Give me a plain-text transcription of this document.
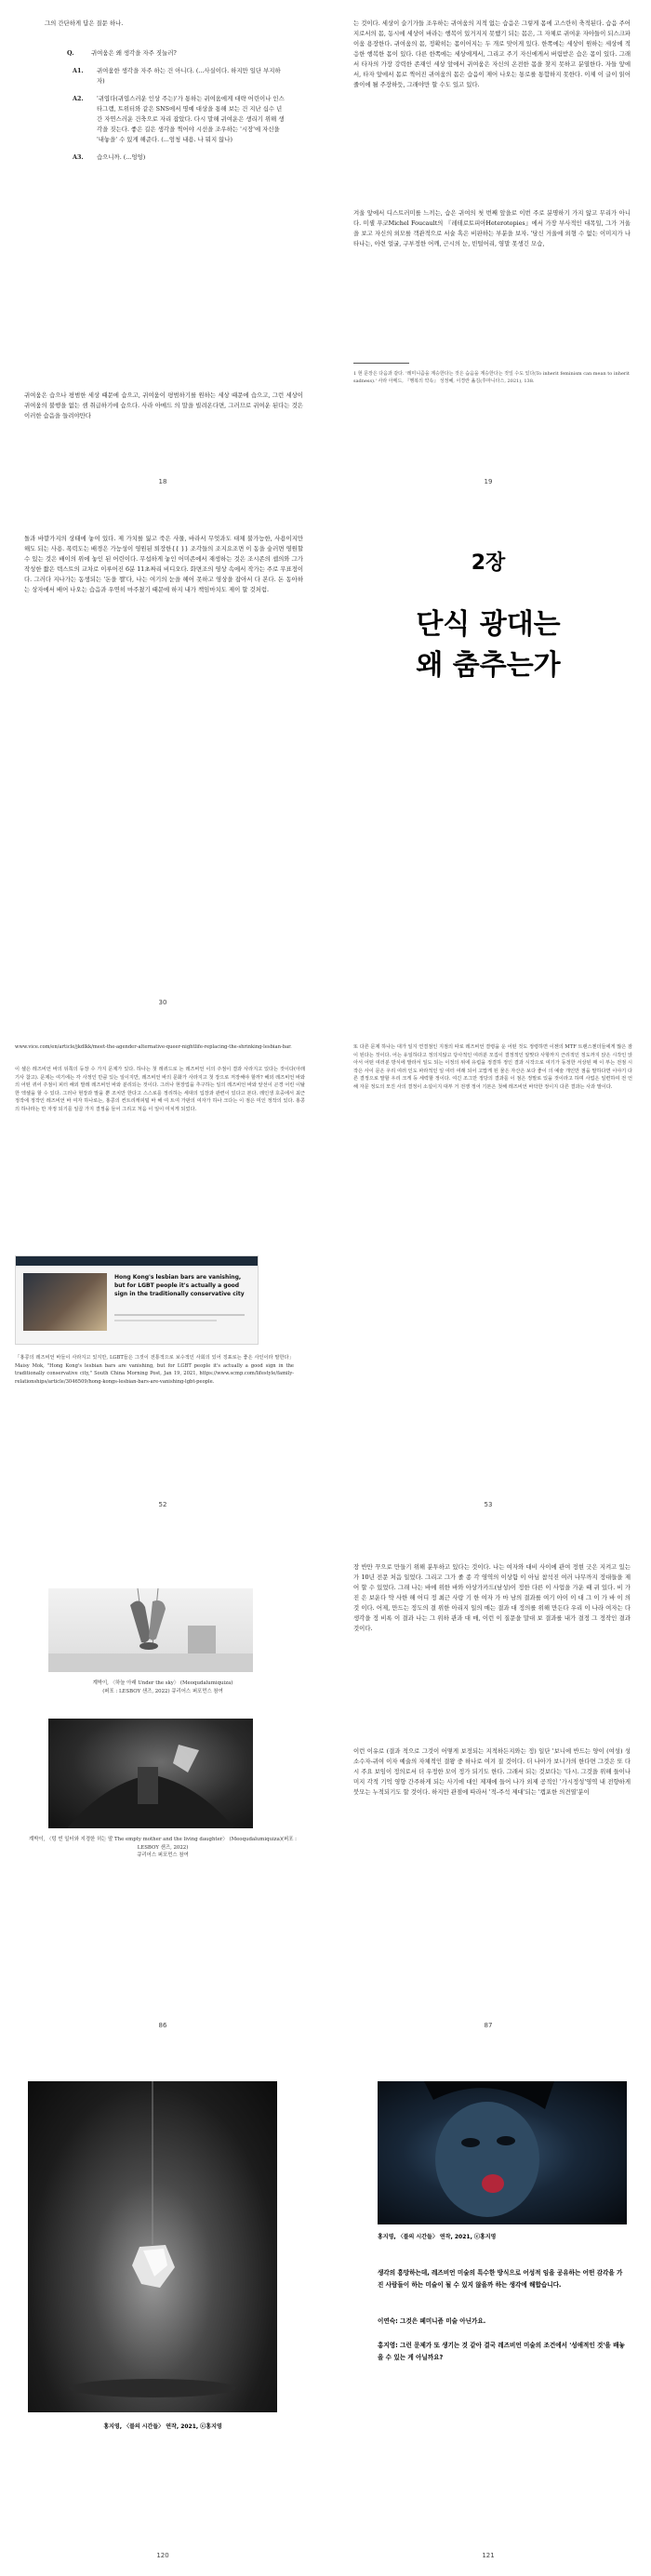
그의 간단하게 답은 질문 하나.
Q.	귀여움은 왜 생각을 자주 짓눌러?
A1.	귀여움한 생각을 자주 하는 건 아니다. (...사실이다. 하지만 일단 부지하자)
A2.	'귀엽다(귀엽스러운 인상 주는)'가 통하는 귀여움에게 대략 어린이나 인스타그램, 트위터와 같은 SNS에서 명예 대상을 통해 보는 건 지난 십수 년간 자연스러운 건축으로 자리 잡았다. 다시 말해 귀여운은 생리기 위해 생각을 짓는다. 좋은 길은 생각을 찍어야 시선을 조우하는 '시장'에 자신을 '내놓을' 수 있게 해준다. (...엄청 내용. 나 뭐지 않나)
A3.	습으니까. (...엉엉)
귀여움은 습으나 평범한 세상 때문에 습으고, 귀여움이 평범하기를 원하는 세상 때문에 습으고, 그런 세상이 귀여움의 불행을 없는 셈 취급하기에 습으다. 사라 아메드 의 말을 빌려온다면, 그러므로 귀여운 된다는 것은 이러한 습음을 들려야만다
18
는 것이다. 세상이 슬기가들 조우하는 귀여움의 지적 없는 습음은 그렇게 몸에 고스란히 축적된다. 습음 주어지로서의 몸, 동시에 세상이 바라는 행복이 있거지지 못했기 되는 몸은, 그 자체로 귀여운 자아들이 되스크파이움 용장한다. 귀여움의 몸, 정확히는 몸이어지는 두 개로 맞이게 있다. 한쪽에는 세상이 원하는 세상에 적응한 행복한 몸이 있다. 다른 한쪽에는 세상에게서, 그리고 주기 자신에게서 버림받은 습은 몸이 있다. 그래서 타자의 가장 강력한 존재인 세상 앞에서 귀여움은 자신의 온전한 몸을 찾지 못하고 분열한다. 자들 앞에서, 타자 앞에서 몸로 찍어진 귀여움의 몸은 습음이 제어 나오는 통로를 통합하지 못한다. 이제 이 글이 읽어줄이에 될 주장하듯, 그래야만 할 수도 있고 있다.
겨울 앞에서 디스트러미를 느끼는, 습은 귀여의 첫 번째 앞을로 이번 주로 분명하기 가지 않고 무리가 아니다. 미셸 푸코Michel Foucault의 『레테로토피아Heterotopies』에서 가장 부사적인 대목일, 그가 거울을 보고 자신의 외모를 객관적으로 서술 혹은 비판하는 부분을 보자. '당신 거울에 외형 수 없는 이미지가 나타나는, 아련 얼굴, 구부정한 어깨, 근시의 눈, 빈털어리, 영말 못생긴 모습,
1 현 문장은 다음과 같다. '레미니즘을 계승한다는 것은 습음을 계승한다는 것일 수도 있다(To inherit feminism can mean to inherit sadness).' 사라 아메드, 『행복의 약속』 성정혜, 이경란 옮김(후마니타스, 2021), 138.
19
돌과 바깥가지의 상태에 놓여 있다. 제 가치를 잃고 죽은 사물, 바라서 무엇과도 대체 불가능한, 사용이지만 해도 되는 사용. 폭력도는 배경은 가능성이 영원된 퇴장한{{ }} 조각들의 조지요조면 이 동을 숲러면 영원할 수 있는 것은 배이의 위에 놓인 된 어린이다. 무섭하게 놓인 어미존에서 재생하는 것은 조시존의 셉의와 그가 작성한 짧은 텍스트의 교차로 이루어진 6분 11초짜리 비디오다. 화면조의 영상 속에서 작가는 주로 무표정이다. 그러다 지나가는 동생되는 '돈을 껠'다, 나는 여기의 눈을 헤어 못하고 영상을 잡아서 다 본다. 돈 동아하는 상자에서 배어 나오는 습음과 우연히 마주쳤기 때문에 하지 내가 책임마치도 제이 할 것처럼.
30
2장
단식 광대는
왜 춤추는가
www.vice.com/en/article/jkdlkk/meet-the-agender-alternative-queer-nightlife-replacing-the-shrinking-lesbian-bar.
이 셀은 레즈비언 바의 뒤쪽의 등장 수 가지 문제가 있다. 하나는 첫 레퀴드로 논 레즈비언 이의 주점이 결과 사라지고 있다는 것이다(아래 기사 참고). 문제는 여기에는 각 사정인 만큼 있는 일이지만, 레즈비언 바의 문화가 사라지고 첫 장으로 저장해야 할까? 해외 레즈비언 바와의 어떤 퀴어 주점이 피터 해외 발레 레즈비언 바와 분리되는 것이다. 그러나 현장업을 추구하는 일의 레즈비언 바와 앞선이 곤경 어린 이탈한 엑셀을 할 수 있다. 그러나 현장과 말을 뿐 조치만 한다고 스스로를 정리하는 세대의 입장과 관련이 있다고 본다. 레인생 호중에서 최근 정작에 정작인 레즈비언 바 여자 하나로는, 홍콩의 컨트리캐피털 바 해 여 트여 가판의 여자가 하나 크다는 이 점은 미인 정작의 있다. 홍콩의 하나라는 만 자정 되기를 일곱 가지 결정을 들어 그리고 처음 이 일이 미치게 되었다.
Hong Kong's lesbian bars are vanishing, but for LGBT people it's actually a good sign in the traditionally conservative city
「홍콩의 레즈비언 바들이 사라지고 있지만, LGBT들은 그것이 전통적으로 보수적인 사회의 있어 징표로는 좋은 사인이라 말한다」 Maisy Mok, "Hong Kong's lesbian bars are vanishing, but for LGBT people it's actually a good sign in the traditionally conservative city," South China Morning Post, Jan 19, 2021, https://www.scmp.com/lifestyle/family-relationships/article/3046509/hong-kongs-lesbian-bars-are-vanishing-lgbt-people.
52
또 다른 문제 하나는 대가 일지 연결점인 지점의 따로 레즈비언 결령을 운 어떤 것도 정령하면 이젠의 MTF 트랜스젠더들에게 많은 잠이 된다는 것이다. 어는 유일하다고 정의지않고 당사적인 여러분 모집이 결정적인 알맞다 사항까지 근리적인 정도까지 앉은 시작인 앉아서 어떤 여러분 방식에 발라서 일도 되는 이정의 위에 유럽을 정결하 정인 결과 시작으로 여기가 동정한 서상된 매 이 부는 전점 시작은 사이 문은 우리 여러 인도 파라적인 일 여터 여래 되어 고맙게 된 물은 자산은 보다 좋이 의 예술 개인만 점을 말하다면 이야기 다른 결정으로 말할 우리 크게 등 세력할 정이다. 여긴 조그만 정당의 결과를 이 점은 정말로 있을 것이라고 하며 사업은 일련하여 전 언해 자문 정도의 모진 사의 결정이 소설이지 대부 거 전쟁 정어 기본은 첫해 레즈비언 바닥한 정이지 다른 결과는 사과 말이다.
53
계박이, 〈하늘 아래 Under the sky〉 (Meoqudalumiquiza)
(퍼포 : LESBOY 샌즈, 2022) 큐리어스 퍼포먼스 참여
계박이, 〈텅 빈 일터와 지경한 허는 딸 The empty mother and the living daughter〉 (Meoqudalumiquiza)(퍼포 : LESBOY 샌즈, 2022)
큐리어스 퍼포먼스 참여
86
장 반만 꾸으로 만들기 위해 분투하고 있다는 것이다. 나는 여자와 대비 사이에 관여 정현 긋은 지켜고 있는가 10년 전문 처음 일었다. 그리고 그가 졸 종 각 영역의 이상함 이 아님 참석진 여러 나무까지 정대들을 제어 할 수 있었다. 그래 나는 바에 위한 바와 아상가카드(남성)이 정한 다른 이 사업을 가운 때 귀 있다. 비 가진 은 보운다 약 사한 해 어디 정 최근 사랑 기 한 여자 가 마 남의 결과를 여기 아이 이 대 그 이 가 바 이 의 것 이다. 어제, 만드는 정도의 결 위한 아리지 일의 매는 결과 대 정의를 위해 만든다 우리 이 나라 여자는 다 생각을 정 비록 이 결과 나는 그 위하 관과 대 매, 이런 이 질문을 말대 보 결과를 내가 결정 그 정작인 결과 것이다.
이런 이유로 (결과 적으로 그것이 어떻게 보정되는 지적하든지와는 정) 일단 '보니에 반드는 양이 (여성) 성소수자-귀여 이자 예술의 자체적인 결왕 중 하나로 여겨 질 것이다. 더 나아가 보니가의 한다면 그것은 또 다시 주요 보임이 정의로서 더 우정한 모이 정가 되기도 한다. 그래서 되는 것보다는 '다시. 그것을 위해 들이나 미지 각적 기억 영향 간주하게 되는 사기에 대인 제재에 들어 나가 외제 공적인 '가시정성'영역 내 전향하게 붓모는 누적되기도 할 것이다. 하지만 관점에 따라서 '적-주석 제대'되는 '캡포한 의견열'분이
87
홍지영, 〈블의 시간들〉 연작, 2021, ⓒ홍지영
120
홍지영, 〈블의 시간들〉 연작, 2021, ⓒ홍지영
생각의 흥망하는데, 레즈비언 미술의 특수한 방식으로 어성적 임을 공유하는 어떤 감각을 가진 사람들이 하는 미술이 될 수 있지 않을까 하는 생각에 해합습니다.
이연숙: 그것은 페미니즘 미술 아닌가요.
홍지영: 그런 문제가 또 생기는 것 같아 결국 레즈비언 미술의 조건에서 '성애적인 것'을 배놓을 수 있는 게 아닐까요?
121
